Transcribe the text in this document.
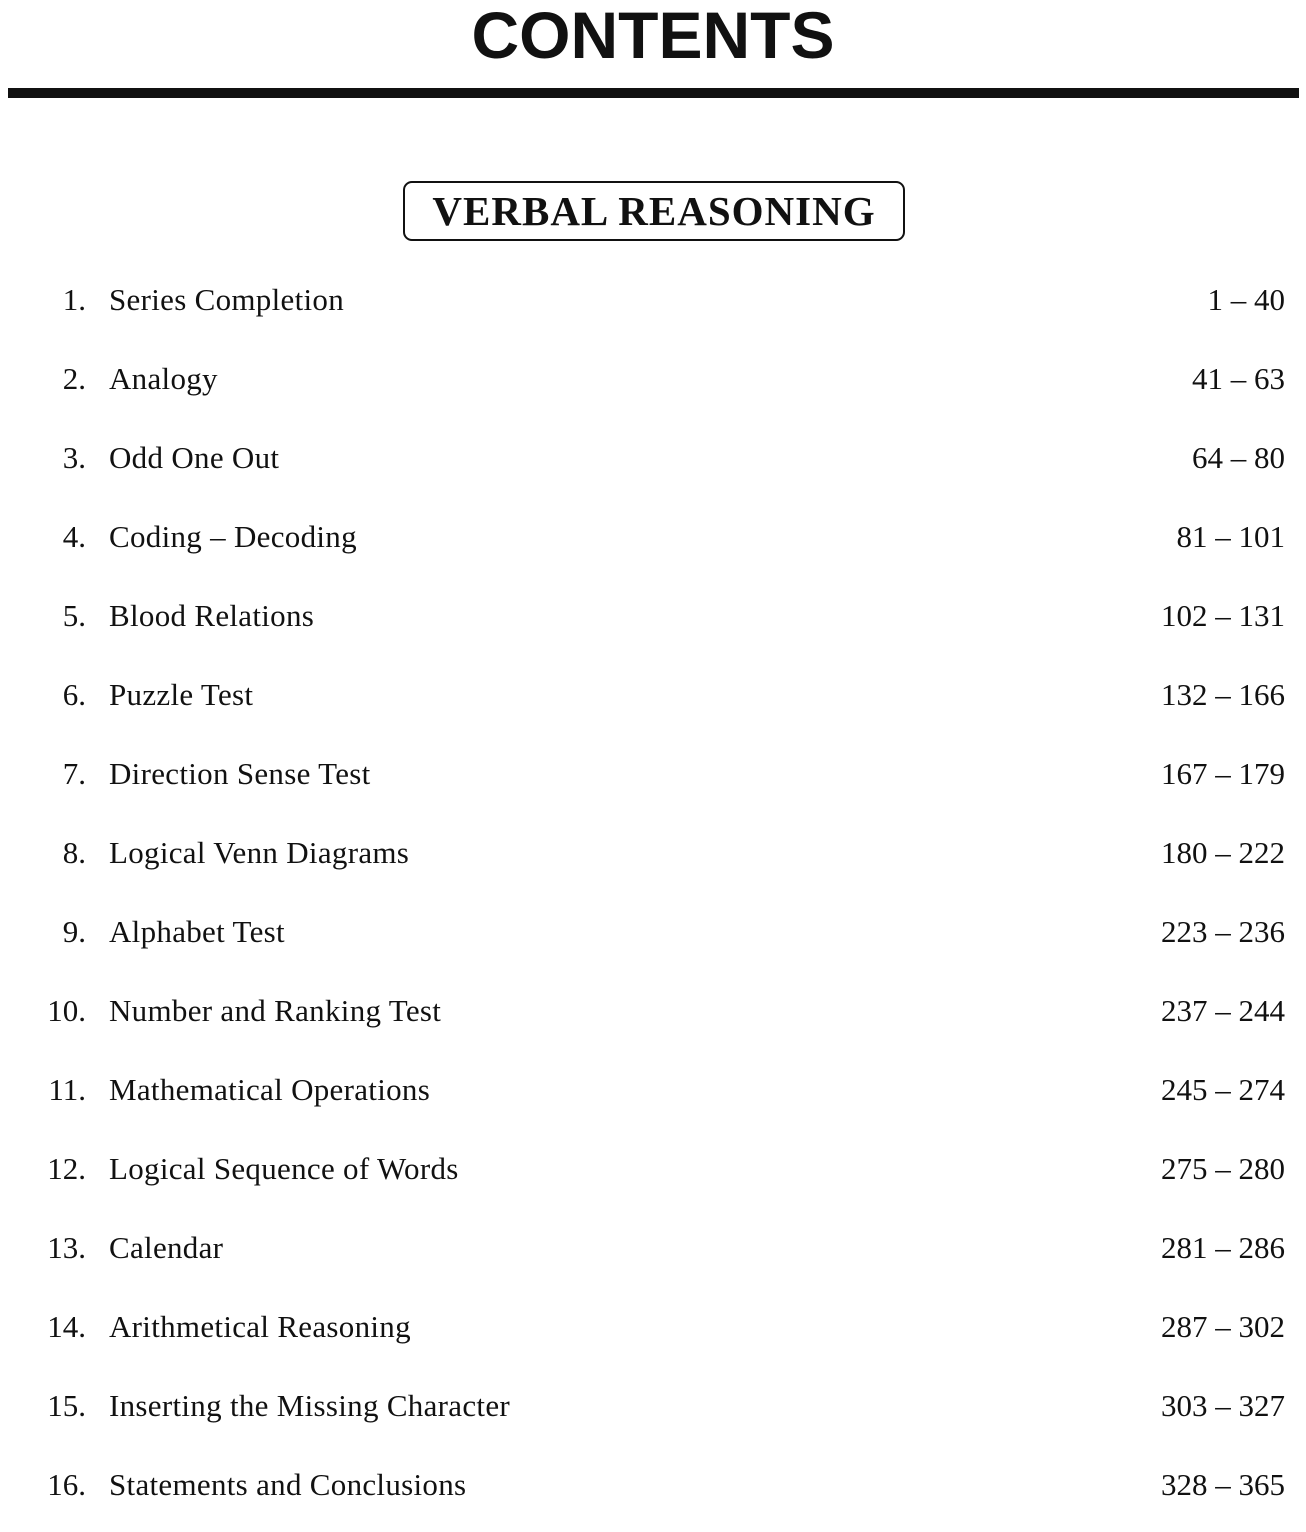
CONTENTS
VERBAL REASONING
1. Series Completion	1 – 40
2. Analogy	41 – 63
3. Odd One Out	64 – 80
4. Coding – Decoding	81 – 101
5. Blood Relations	102 – 131
6. Puzzle Test	132 – 166
7. Direction Sense Test	167 – 179
8. Logical Venn Diagrams	180 – 222
9. Alphabet Test	223 – 236
10. Number and Ranking Test	237 – 244
11. Mathematical Operations	245 – 274
12. Logical Sequence of Words	275 – 280
13. Calendar	281 – 286
14. Arithmetical Reasoning	287 – 302
15. Inserting the Missing Character	303 – 327
16. Statements and Conclusions	328 – 365
